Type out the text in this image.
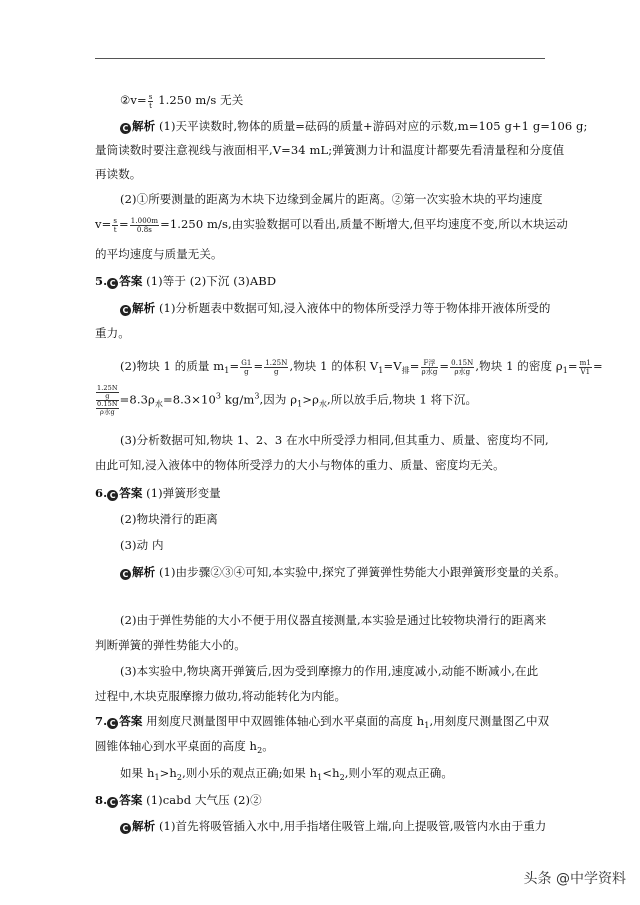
②v= $\frac{s}{t} 1.250$ m/s 无关
C 解析 (1)天平读数时,物体的质量=砝码的质量+游码对应的示数,m=105 g+1 g=106 g;
量筒读数时要注意视线与液面相平,V=34 mL;弹簧测力计和温度计都要先看清量程和分度值
再读数。
(2)①所要测量的距离为木块下边缘到金属片的距离。②第一次实验木块的平均速度
$v= \frac{s}{t} = \frac{1.000m}{0.8s} =1.250$ m/s,由实验数据可以看出,质量不断增大,但平均速度不变,所以木块运动
的平均速度与质量无关。
5. C 答案 (1)等于 (2)下沉 (3)ABD
C 解析 (1)分析题表中数据可知,浸入液体中的物体所受浮力等于物体排开液体所受的
重力。
(2)物块 1 的质量 $m_1= \frac{G1}{g} = \frac{1.25N}{g}$ ,物块 1 的体积 $V_1=V_排= \frac{\text{F浮}}{\text{ρ水g}} = \frac{0.15N}{\text{ρ水g}}$ ,物块 1 的密度 $\rho_1= \frac{m1}{V1}$ =
1.25N
g
0.15N
ρ水g
$=8.3\rho_水=8.3\times 10^3$ $kg/m^3$,因为 $\rho_1>\rho_水$,所以放手后,物块 1 将下沉。
(3)分析数据可知,物块 1、2、3 在水中所受浮力相同,但其重力、质量、密度均不同,
由此可知,浸入液体中的物体所受浮力的大小与物体的重力、质量、密度均无关。
6. C 答案 (1)弹簧形变量
(2)物块滑行的距离
(3)动 内
C 解析 (1)由步骤②③④可知,本实验中,探究了弹簧弹性势能大小跟弹簧形变量的关系。
(2)由于弹性势能的大小不便于用仪器直接测量,本实验是通过比较物块滑行的距离来
判断弹簧的弹性势能大小的。
(3)本实验中,物块离开弹簧后,因为受到摩擦力的作用,速度减小,动能不断减小,在此
过程中,木块克服摩擦力做功,将动能转化为内能。
7. C 答案 用刻度尺测量图甲中双圆锥体轴心到水平桌面的高度 $h_1$,用刻度尺测量图乙中双
圆锥体轴心到水平桌面的高度 $h_2$。
如果 $h_1>h_2$,则小乐的观点正确;如果 $h_1<h_2$,则小军的观点正确。
8. C 答案 (1)cabd 大气压 (2)②
C 解析 (1)首先将吸管插入水中,用手指堵住吸管上端,向上提吸管,吸管内水由于重力
头条 @中学资料
